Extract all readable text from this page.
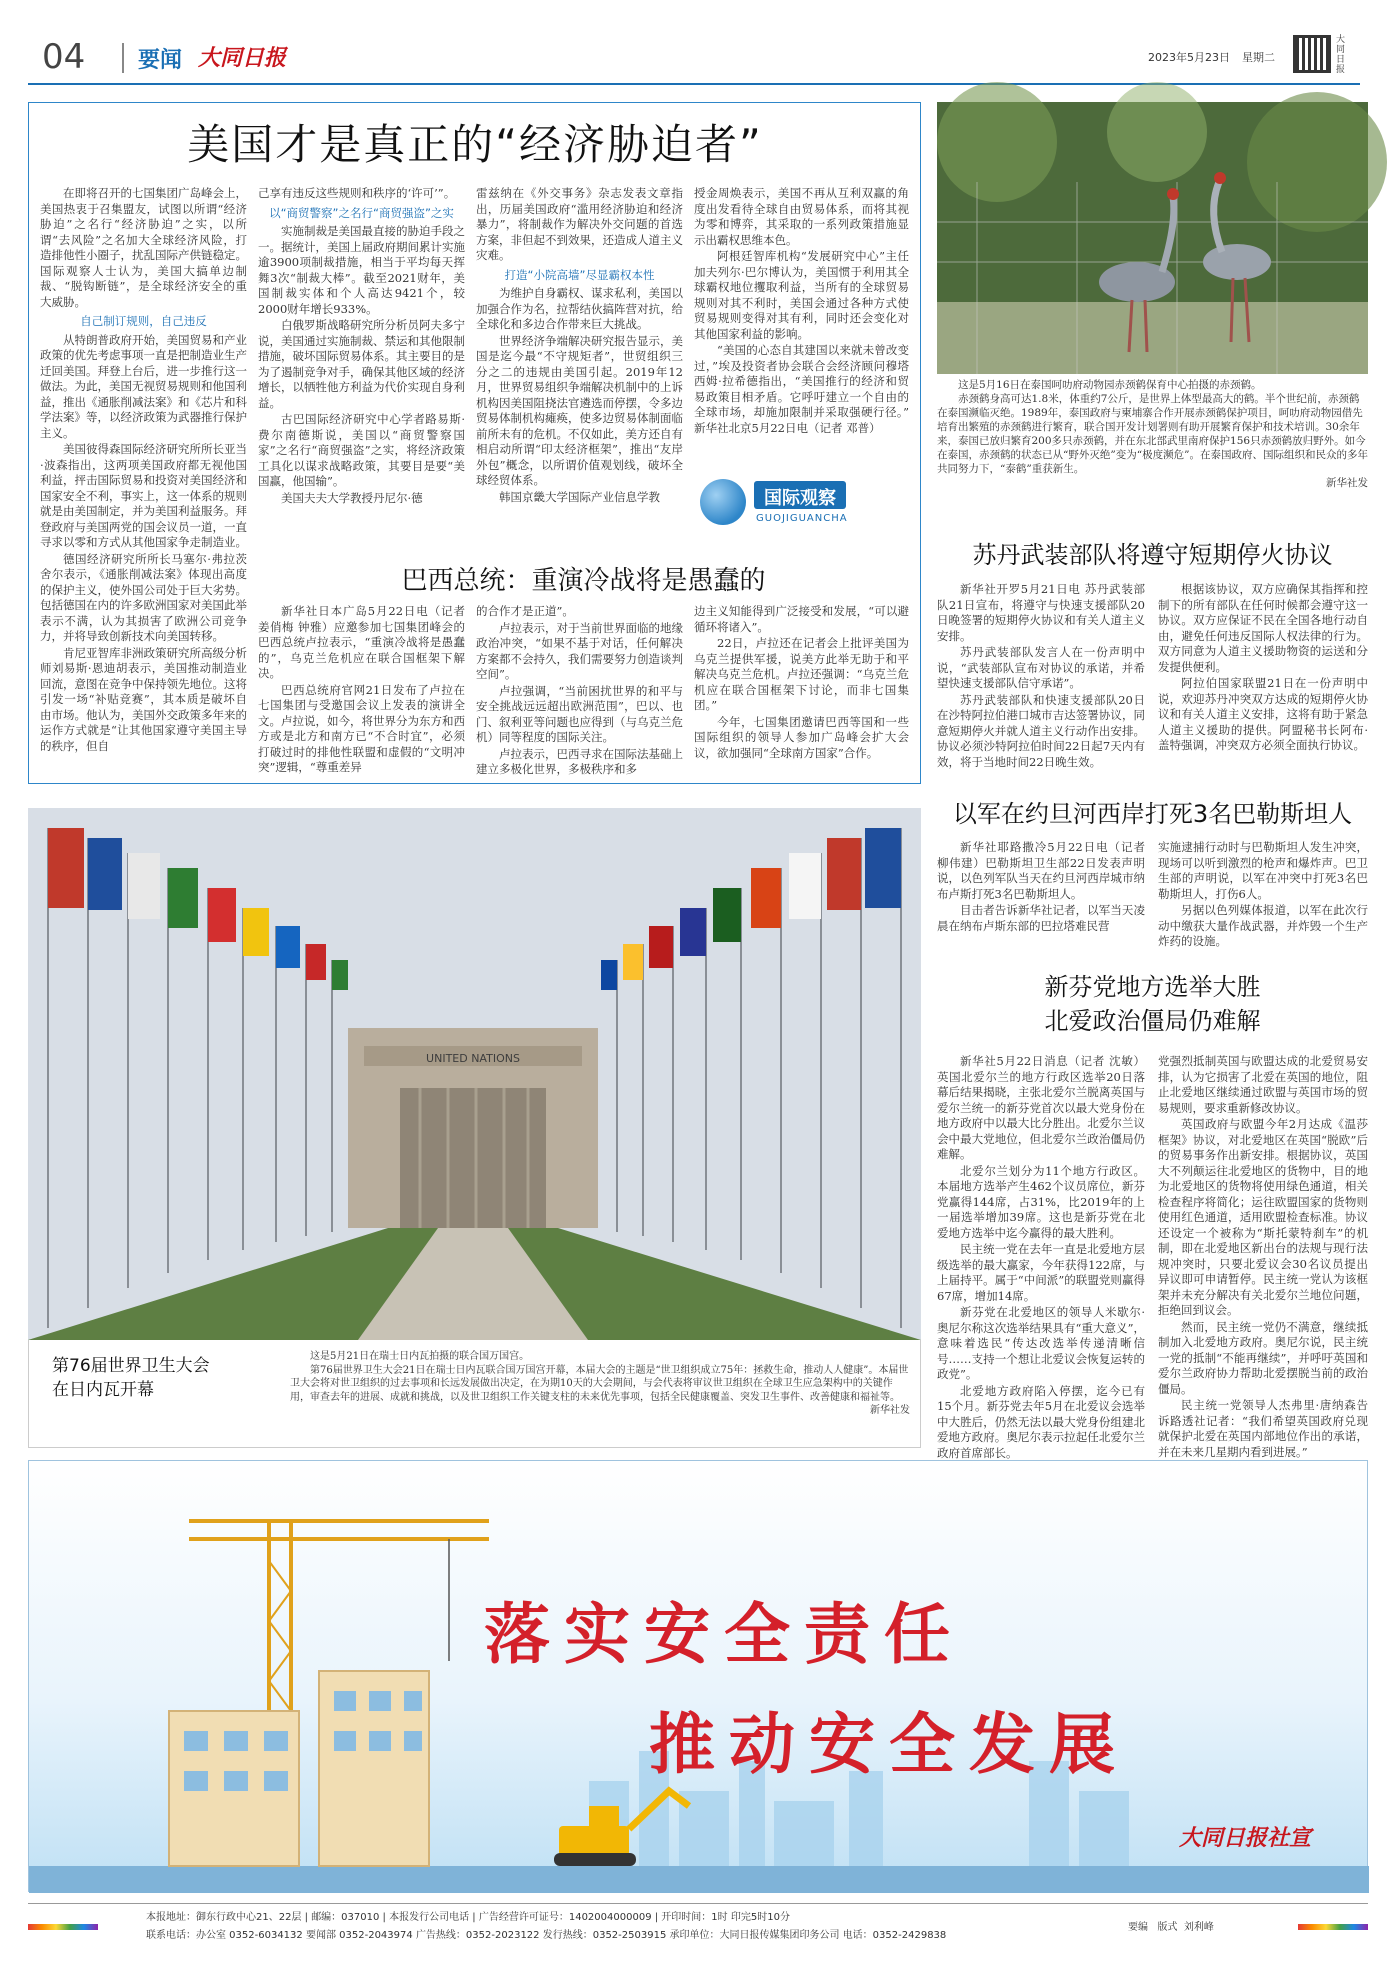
04 要闻 大同日报	2023年5月23日 星期二
大同日报
美国才是真正的“经济胁迫者”

在即将召开的七国集团广岛峰会上，美国热衷于召集盟友，试图以所谓“经济胁迫”之名行“经济胁迫”之实，以所谓“去风险”之名加大全球经济风险，打造排他性小圈子，扰乱国际产供链稳定。国际观察人士认为，美国大搞单边制裁、“脱钩断链”，是全球经济安全的重大威胁。

自己制订规则，自己违反

从特朗普政府开始，美国贸易和产业政策的优先考虑事项一直是把制造业生产迁回美国。拜登上台后，进一步推行这一做法。为此，美国无视贸易规则和他国利益，推出《通胀削减法案》和《芯片和科学法案》等，以经济政策为武器推行保护主义。

美国彼得森国际经济研究所所长亚当·波森指出，这两项美国政府都无视他国利益，抨击国际贸易和投资对美国经济和国家安全不利，事实上，这一体系的规则就是由美国制定，并为美国利益服务。拜登政府与美国两党的国会议员一道，一直寻求以零和方式从其他国家争走制造业。

德国经济研究所所长马塞尔·弗拉茨舍尔表示，《通胀削减法案》体现出高度的保护主义，使外国公司处于巨大劣势。包括德国在内的许多欧洲国家对美国此举表示不满，认为其损害了欧洲公司竞争力，并将导致创新技术向美国转移。

肯尼亚智库非洲政策研究所高级分析师刘易斯·恩迪胡表示，美国推动制造业回流，意图在竞争中保持领先地位。这将引发一场“补贴竞赛”，其本质是破坏自由市场。他认为，美国外交政策多年来的运作方式就是“让其他国家遵守美国主导的秩序，但自

己享有违反这些规则和秩序的‘许可’”。

以“商贸警察”之名行“商贸强盗”之实

实施制裁是美国最直接的胁迫手段之一。据统计，美国上届政府期间累计实施逾3900项制裁措施，相当于平均每天挥舞3次“制裁大棒”。截至2021财年，美国制裁实体和个人高达9421个，较2000财年增长933%。

白俄罗斯战略研究所分析员阿夫多宁说，美国通过实施制裁、禁运和其他限制措施，破坏国际贸易体系。其主要目的是为了遏制竞争对手，确保其他区域的经济增长，以牺牲他方利益为代价实现自身利益。

古巴国际经济研究中心学者路易斯·费尔南德斯说，美国以“商贸警察国家”之名行“商贸强盗”之实，将经济政策工具化以谋求战略政策，其要目是要“美国赢，他国输”。

美国夫夫大学教授丹尼尔·德

雷兹纳在《外交事务》杂志发表文章指出，历届美国政府“滥用经济胁迫和经济暴力”，将制裁作为解决外交问题的首选方案，非但起不到效果，还造成人道主义灾难。

打造“小院高墙”尽显霸权本性

为维护自身霸权、谋求私利，美国以加强合作为名，拉帮结伙搞阵营对抗，给全球化和多边合作带来巨大挑战。

世界经济争端解决研究报告显示，美国是迄今最“不守规矩者”，世贸组织三分之二的违规由美国引起。2019年12月，世界贸易组织争端解决机制中的上诉机构因美国阻挠法官遴选而停摆，令多边贸易体制机构瘫痪，使多边贸易体制面临前所未有的危机。不仅如此，美方还自有相启动所谓“印太经济框架”，推出“友岸外包”概念，以所谓价值观划线，破坏全球经贸体系。

韩国京畿大学国际产业信息学教

授金周焕表示，美国不再从互利双赢的角度出发看待全球自由贸易体系，而将其视为零和博弈，其采取的一系列政策措施显示出霸权思维本色。

阿根廷智库机构“发展研究中心”主任加夫列尔·巴尔博认为，美国惯于利用其全球霸权地位攫取利益，当所有的全球贸易规则对其不利时，美国会通过各种方式使贸易规则变得对其有利，同时还会变化对其他国家利益的影响。

“美国的心态自其建国以来就未曾改变过，”埃及投资者协会联合会经济顾问穆塔西姆·拉希德指出，“美国推行的经济和贸易政策目相矛盾。它呼吁建立一个自由的全球市场，却施加限制并采取强硬行径。”　新华社北京5月22日电（记者 邓普）

国际观察
GUOJIGUANCHA
巴西总统：重演冷战将是愚蠢的

新华社日本广岛5月22日电（记者 姜俏梅 钟雅）应邀参加七国集团峰会的巴西总统卢拉表示，“重演冷战将是愚蠢的”，乌克兰危机应在联合国框架下解决。

巴西总统府官网21日发布了卢拉在七国集团与受邀国会议上发表的演讲全文。卢拉说，如今，将世界分为东方和西方或是北方和南方已“不合时宜”，必须打破过时的排他性联盟和虚假的“文明冲突”逻辑，“尊重差异

的合作才是正道”。

卢拉表示，对于当前世界面临的地缘政治冲突，“如果不基于对话，任何解决方案都不会持久，我们需要努力创造谈判空间”。

卢拉强调，“当前困扰世界的和平与安全挑战远远超出欧洲范围”，巴以、也门、叙利亚等问题也应得到（与乌克兰危机）同等程度的国际关注。

卢拉表示，巴西寻求在国际法基础上建立多极化世界，多极秩序和多

边主义知能得到广泛接受和发展，“可以避循环将诸入”。

22日，卢拉还在记者会上批评美国为乌克兰提供军援，说美方此举无助于和平解决乌克兰危机。卢拉还强调：“乌克兰危机应在联合国框架下讨论，而非七国集团。”

今年，七国集团邀请巴西等国和一些国际组织的领导人参加广岛峰会扩大会议，欲加强同“全球南方国家”合作。

这是5月16日在泰国呵叻府动物园赤颈鹤保育中心拍摄的赤颈鹤。

赤颈鹤身高可达1.8米，体重约7公斤，是世界上体型最高大的鹤。半个世纪前，赤颈鹤在泰国濒临灭绝。1989年，泰国政府与柬埔寨合作开展赤颈鹤保护项目，呵叻府动物园借先培育出繁殖的赤颈鹤进行繁育，联合国开发计划署则有助开展繁育保护和技术培训。30余年来，泰国已放归繁育200多只赤颈鹤，并在东北部武里南府保护156只赤颈鹤放归野外。如今在泰国，赤颈鹤的状态已从“野外灭绝”变为“极度濒危”。在泰国政府、国际组织和民众的多年共同努力下，“泰鹤”重获新生。

新华社发

苏丹武装部队将遵守短期停火协议

新华社开罗5月21日电 苏丹武装部队21日宣布，将遵守与快速支援部队20日晚签署的短期停火协议和有关人道主义安排。

苏丹武装部队发言人在一份声明中说，“武装部队宣布对协议的承诺，并希望快速支援部队信守承诺”。

苏丹武装部队和快速支援部队20日在沙特阿拉伯港口城市吉达签署协议，同意短期停火并就人道主义行动作出安排。协议必须沙特阿拉伯时间22日起7天内有效，将于当地时间22日晚生效。

根据该协议，双方应确保其指挥和控制下的所有部队在任何时候都会遵守这一协议。双方应保证不民在全国各地行动自由，避免任何违反国际人权法律的行为。双方同意为人道主义援助物资的运送和分发提供便利。

阿拉伯国家联盟21日在一份声明中说，欢迎苏丹冲突双方达成的短期停火协议和有关人道主义安排，这将有助于紧急人道主义援助的提供。阿盟秘书长阿布·盖特强调，冲突双方必须全面执行协议。

以军在约旦河西岸打死3名巴勒斯坦人

新华社耶路撒冷5月22日电（记者 柳伟建）巴勒斯坦卫生部22日发表声明说，以色列军队当天在约旦河西岸城市纳布卢斯打死3名巴勒斯坦人。

目击者告诉新华社记者，以军当天凌晨在纳布卢斯东部的巴拉塔难民营

实施逮捕行动时与巴勒斯坦人发生冲突，现场可以听到激烈的枪声和爆炸声。巴卫生部的声明说，以军在冲突中打死3名巴勒斯坦人，打伤6人。

另据以色列媒体报道，以军在此次行动中缴获大量作战武器，并炸毁一个生产炸药的设施。

新芬党地方选举大胜
北爱政治僵局仍难解

新华社5月22日消息（记者 沈敏）英国北爱尔兰的地方行政区选举20日落幕后结果揭晓，主张北爱尔兰脱离英国与爱尔兰统一的新芬党首次以最大党身份在地方政府中以最大比分胜出。北爱尔兰议会中最大党地位，但北爱尔兰政治僵局仍难解。

北爱尔兰划分为11个地方行政区。本届地方选举产生462个议员席位，新芬党赢得144席，占31%，比2019年的上一届选举增加39席。这也是新芬党在北爱地方选举中迄今赢得的最大胜利。

民主统一党在去年一直是北爱地方层级选举的最大赢家，今年获得122席，与上届持平。属于“中间派”的联盟党则赢得67席，增加14席。

新芬党在北爱地区的领导人米歇尔·奥尼尔称这次选举结果具有“重大意义”，意味着选民“传达改选举传递清晰信号……支持一个想让北爱议会恢复运转的政党”。

北爱地方政府陷入停摆，迄今已有15个月。新芬党去年5月在北爱议会选举中大胜后，仍然无法以最大党身份组建北爱地方政府。奥尼尔表示拉起任北爱尔兰政府首席部长。

党强烈抵制英国与欧盟达成的北爱贸易安排，认为它损害了北爱在英国的地位，阻止北爱地区继续通过欧盟与英国市场的贸易规则，要求重新修改协议。

英国政府与欧盟今年2月达成《温莎框架》协议，对北爱地区在英国“脱欧”后的贸易事务作出新安排。根据协议，英国大不列颠运往北爱地区的货物中，目的地为北爱地区的货物将使用绿色通道，相关检查程序将简化；运往欧盟国家的货物则使用红色通道，适用欧盟检查标准。协议还设定一个被称为“斯托蒙特刹车”的机制，即在北爱地区新出台的法规与现行法规冲突时，只要北爱议会30名议员提出异议即可申请暂停。民主统一党认为该框架并未充分解决有关北爱尔兰地位问题，拒绝回到议会。

然而，民主统一党仍不满意，继续抵制加入北爱地方政府。奥尼尔说，民主统一党的抵制“不能再继续”，并呼吁英国和爱尔兰政府协力帮助北爱摆脱当前的政治僵局。

民主统一党领导人杰弗里·唐纳森告诉路透社记者：“我们希望英国政府兑现就保护北爱在英国内部地位作出的承诺，并在未来几星期内看到进展。”

UNITED NATIONS
第76届世界卫生大会
在日内瓦开幕

这是5月21日在瑞士日内瓦拍摄的联合国万国宫。

第76届世界卫生大会21日在瑞士日内瓦联合国万国宫开幕，本届大会的主题是“世卫组织成立75年：拯救生命，推动人人健康”。本届世卫大会将对世卫组织的过去事项和长远发展做出决定，在为期10天的大会期间，与会代表将审议世卫组织在全球卫生应急架构中的关键作用，审查去年的进展、成就和挑战，以及世卫组织工作关键支柱的未来优先事项，包括全民健康覆盖、突发卫生事件、改善健康和福祉等。

新华社发

落实安全责任
推动安全发展
大同日报社宣
本报地址：御东行政中心21、22层 | 邮编：037010 | 本报发行公司电话 | 广告经营许可证号：1402004000009 | 开印时间：1时 印完5时10分
联系电话：办公室 0352-6034132 要闻部 0352-2043974 广告热线：0352-2023122 发行热线：0352-2503915 承印单位：大同日报传媒集团印务公司 电话：0352-2429838
要编 版式 刘利峰
